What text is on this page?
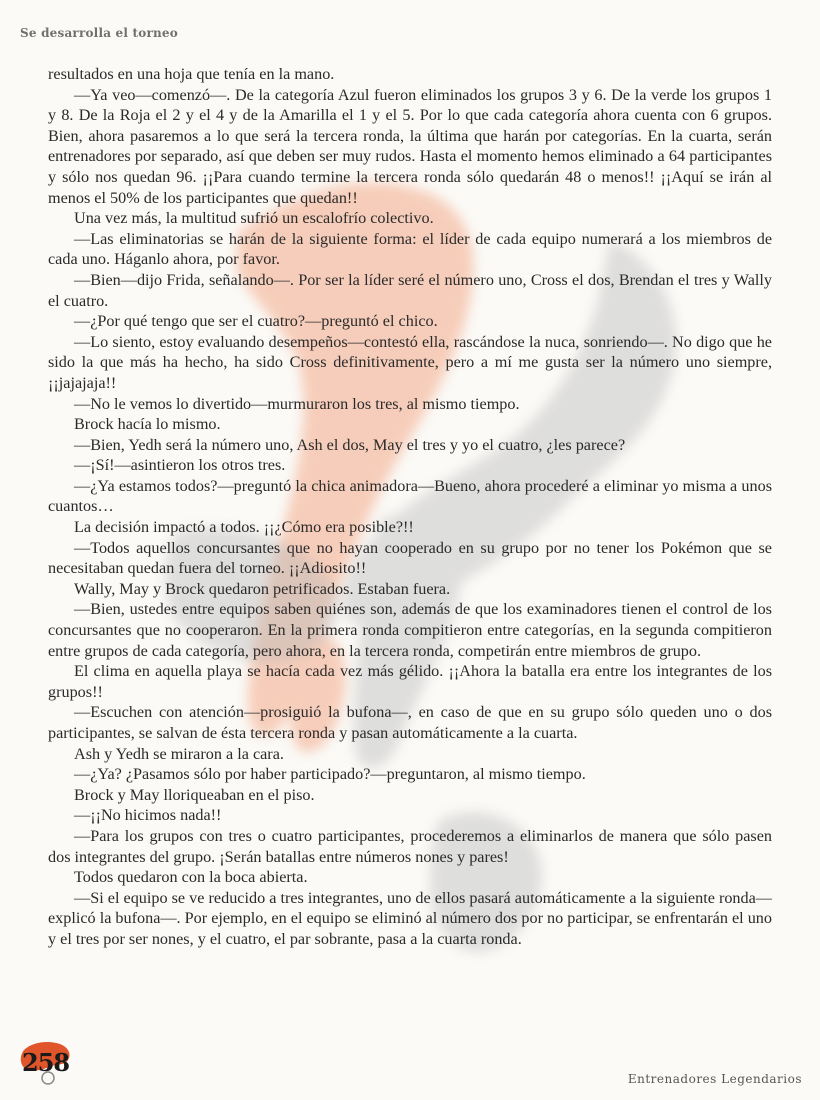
Se desarrolla el torneo

resultados en una hoja que tenía en la mano.

—Ya veo—comenzó—. De la categoría Azul fueron eliminados los grupos 3 y 6. De la verde los grupos 1 y 8. De la Roja el 2 y el 4 y de la Amarilla el 1 y el 5. Por lo que cada categoría ahora cuenta con 6 grupos. Bien, ahora pasaremos a lo que será la tercera ronda, la última que harán por categorías. En la cuarta, serán entrenadores por separado, así que deben ser muy rudos. Hasta el momento hemos eliminado a 64 participantes y sólo nos quedan 96. ¡¡Para cuando termine la tercera ronda sólo quedarán 48 o menos!! ¡¡Aquí se irán al menos el 50% de los participantes que quedan!!

Una vez más, la multitud sufrió un escalofrío colectivo.

—Las eliminatorias se harán de la siguiente forma: el líder de cada equipo numerará a los miembros de cada uno. Háganlo ahora, por favor.

—Bien—dijo Frida, señalando—. Por ser la líder seré el número uno, Cross el dos, Brendan el tres y Wally el cuatro.

—¿Por qué tengo que ser el cuatro?—preguntó el chico.

—Lo siento, estoy evaluando desempeños—contestó ella, rascándose la nuca, sonriendo—. No digo que he sido la que más ha hecho, ha sido Cross definitivamente, pero a mí me gusta ser la número uno siempre, ¡¡jajajaja!!

—No le vemos lo divertido—murmuraron los tres, al mismo tiempo.

Brock hacía lo mismo.

—Bien, Yedh será la número uno, Ash el dos, May el tres y yo el cuatro, ¿les parece?

—¡Sí!—asintieron los otros tres.

—¿Ya estamos todos?—preguntó la chica animadora—Bueno, ahora procederé a eliminar yo misma a unos cuantos…

La decisión impactó a todos. ¡¡¿Cómo era posible?!!

—Todos aquellos concursantes que no hayan cooperado en su grupo por no tener los Pokémon que se necesitaban quedan fuera del torneo. ¡¡Adiosito!!

Wally, May y Brock quedaron petrificados. Estaban fuera.

—Bien, ustedes entre equipos saben quiénes son, además de que los examinadores tienen el control de los concursantes que no cooperaron. En la primera ronda compitieron entre categorías, en la segunda compitieron entre grupos de cada categoría, pero ahora, en la tercera ronda, competirán entre miembros de grupo.

El clima en aquella playa se hacía cada vez más gélido. ¡¡Ahora la batalla era entre los integrantes de los grupos!!

—Escuchen con atención—prosiguió la bufona—, en caso de que en su grupo sólo queden uno o dos participantes, se salvan de ésta tercera ronda y pasan automáticamente a la cuarta.

Ash y Yedh se miraron a la cara.

—¿Ya? ¿Pasamos sólo por haber participado?—preguntaron, al mismo tiempo.

Brock y May lloriqueaban en el piso.

—¡¡No hicimos nada!!

—Para los grupos con tres o cuatro participantes, procederemos a eliminarlos de manera que sólo pasen dos integrantes del grupo. ¡Serán batallas entre números nones y pares!

Todos quedaron con la boca abierta.

—Si el equipo se ve reducido a tres integrantes, uno de ellos pasará automáticamente a la siguiente ronda—explicó la bufona—. Por ejemplo, en el equipo se eliminó al número dos por no participar, se enfrentarán el uno y el tres por ser nones, y el cuatro, el par sobrante, pasa a la cuarta ronda.

258
Entrenadores Legendarios
